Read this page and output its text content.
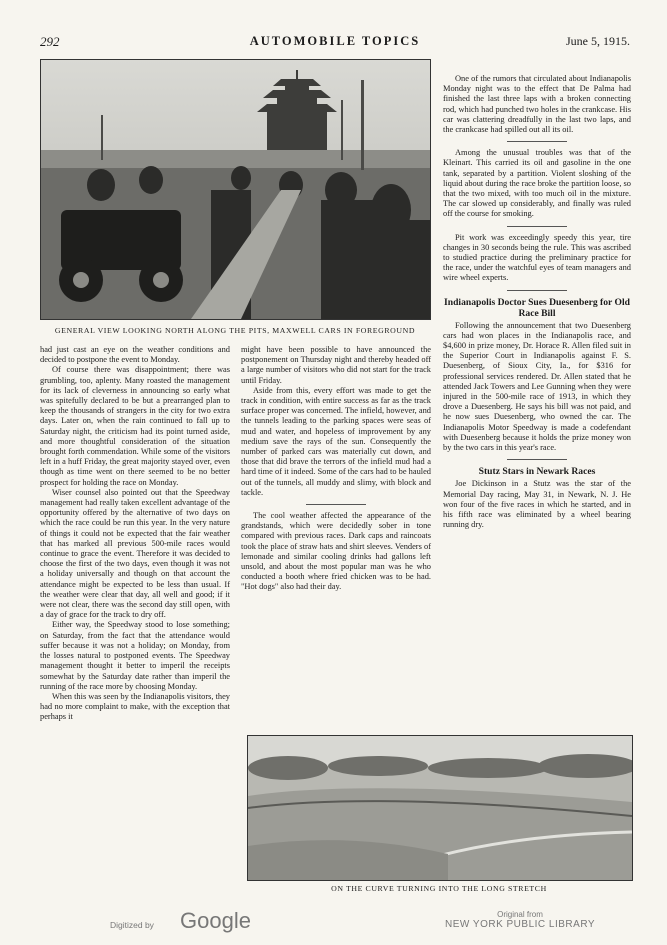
292	AUTOMOBILE TOPICS	June 5, 1915.
GENERAL VIEW LOOKING NORTH ALONG THE PITS, MAXWELL CARS IN FOREGROUND

had just cast an eye on the weather conditions and decided to postpone the event to Monday.

Of course there was disappointment; there was grumbling, too, aplenty. Many roasted the management for its lack of cleverness in announcing so early what was spitefully declared to be but a prearranged plan to keep the thousands of strangers in the city for two extra days. Later on, when the rain continued to fall up to Saturday night, the criticism had its point turned aside, and more thoughtful consideration of the situation brought forth commendation. While some of the visitors left in a huff Friday, the great majority stayed over, even though as time went on there seemed to be no better prospect for holding the race on Monday.

Wiser counsel also pointed out that the Speedway management had really taken excellent advantage of the opportunity offered by the alternative of two days on which the race could be run this year. In the very nature of things it could not be expected that the fair weather that has marked all previous 500-mile races would continue to grace the event. Therefore it was decided to choose the first of the two days, even though it was not a holiday universally and though on that account the attendance might be expected to be less than usual. If the weather were clear that day, all well and good; if it were not clear, there was the second day still open, with a day of grace for the track to dry off.

Either way, the Speedway stood to lose something; on Saturday, from the fact that the attendance would suffer because it was not a holiday; on Monday, from the losses natural to postponed events. The Speedway management thought it better to imperil the receipts somewhat by the Saturday date rather than imperil the running of the race more by choosing Monday.

When this was seen by the Indianapolis visitors, they had no more complaint to make, with the exception that perhaps it

might have been possible to have announced the postponement on Thursday night and thereby headed off a large number of visitors who did not start for the track until Friday.

Aside from this, every effort was made to get the track in condition, with entire success as far as the track surface proper was concerned. The infield, however, and the tunnels leading to the parking spaces were seas of mud and water, and hopeless of improvement by any medium save the rays of the sun. Consequently the number of parked cars was materially cut down, and those that did brave the terrors of the infield mud had a hard time of it indeed. Some of the cars had to be hauled out of the tunnels, all muddy and slimy, with block and tackle.

The cool weather affected the appearance of the grandstands, which were decidedly sober in tone compared with previous races. Dark caps and raincoats took the place of straw hats and shirt sleeves. Venders of lemonade and similar cooling drinks had gallons left unsold, and about the most popular man was he who conducted a booth where fried chicken was to be had. "Hot dogs" also had their day.

One of the rumors that circulated about Indianapolis Monday night was to the effect that De Palma had finished the last three laps with a broken connecting rod, which had punched two holes in the crankcase. His car was clattering dreadfully in the last two laps, and the crankcase had spilled out all its oil.

Among the unusual troubles was that of the Kleinart. This carried its oil and gasoline in the one tank, separated by a partition. Violent sloshing of the liquid about during the race broke the partition loose, so that the two mixed, with too much oil in the mixture. The car slowed up considerably, and finally was ruled off the course for smoking.

Pit work was exceedingly speedy this year, tire changes in 30 seconds being the rule. This was ascribed to studied practice during the preliminary practice for the race, under the watchful eyes of team managers and wire wheel experts.

Indianapolis Doctor Sues Duesenberg for Old Race Bill

Following the announcement that two Duesenberg cars had won places in the Indianapolis race, and $4,600 in prize money, Dr. Horace R. Allen filed suit in the Superior Court in Indianapolis against F. S. Duesenberg, of Sioux City, Ia., for $316 for professional services rendered. Dr. Allen stated that he attended Jack Towers and Lee Gunning when they were injured in the 500-mile race of 1913, in which they drove a Duesenberg. He says his bill was not paid, and he now sues Duesenberg, who owned the car. The Indianapolis Motor Speedway is made a codefendant with Duesenberg because it holds the prize money won by the two cars in this year's race.

Stutz Stars in Newark Races

Joe Dickinson in a Stutz was the star of the Memorial Day racing, May 31, in Newark, N. J. He won four of the five races in which he started, and in his fifth race was eliminated by a wheel bearing running dry.

ON THE CURVE TURNING INTO THE LONG STRETCH
Digitized by Google	Original from
NEW YORK PUBLIC LIBRARY
